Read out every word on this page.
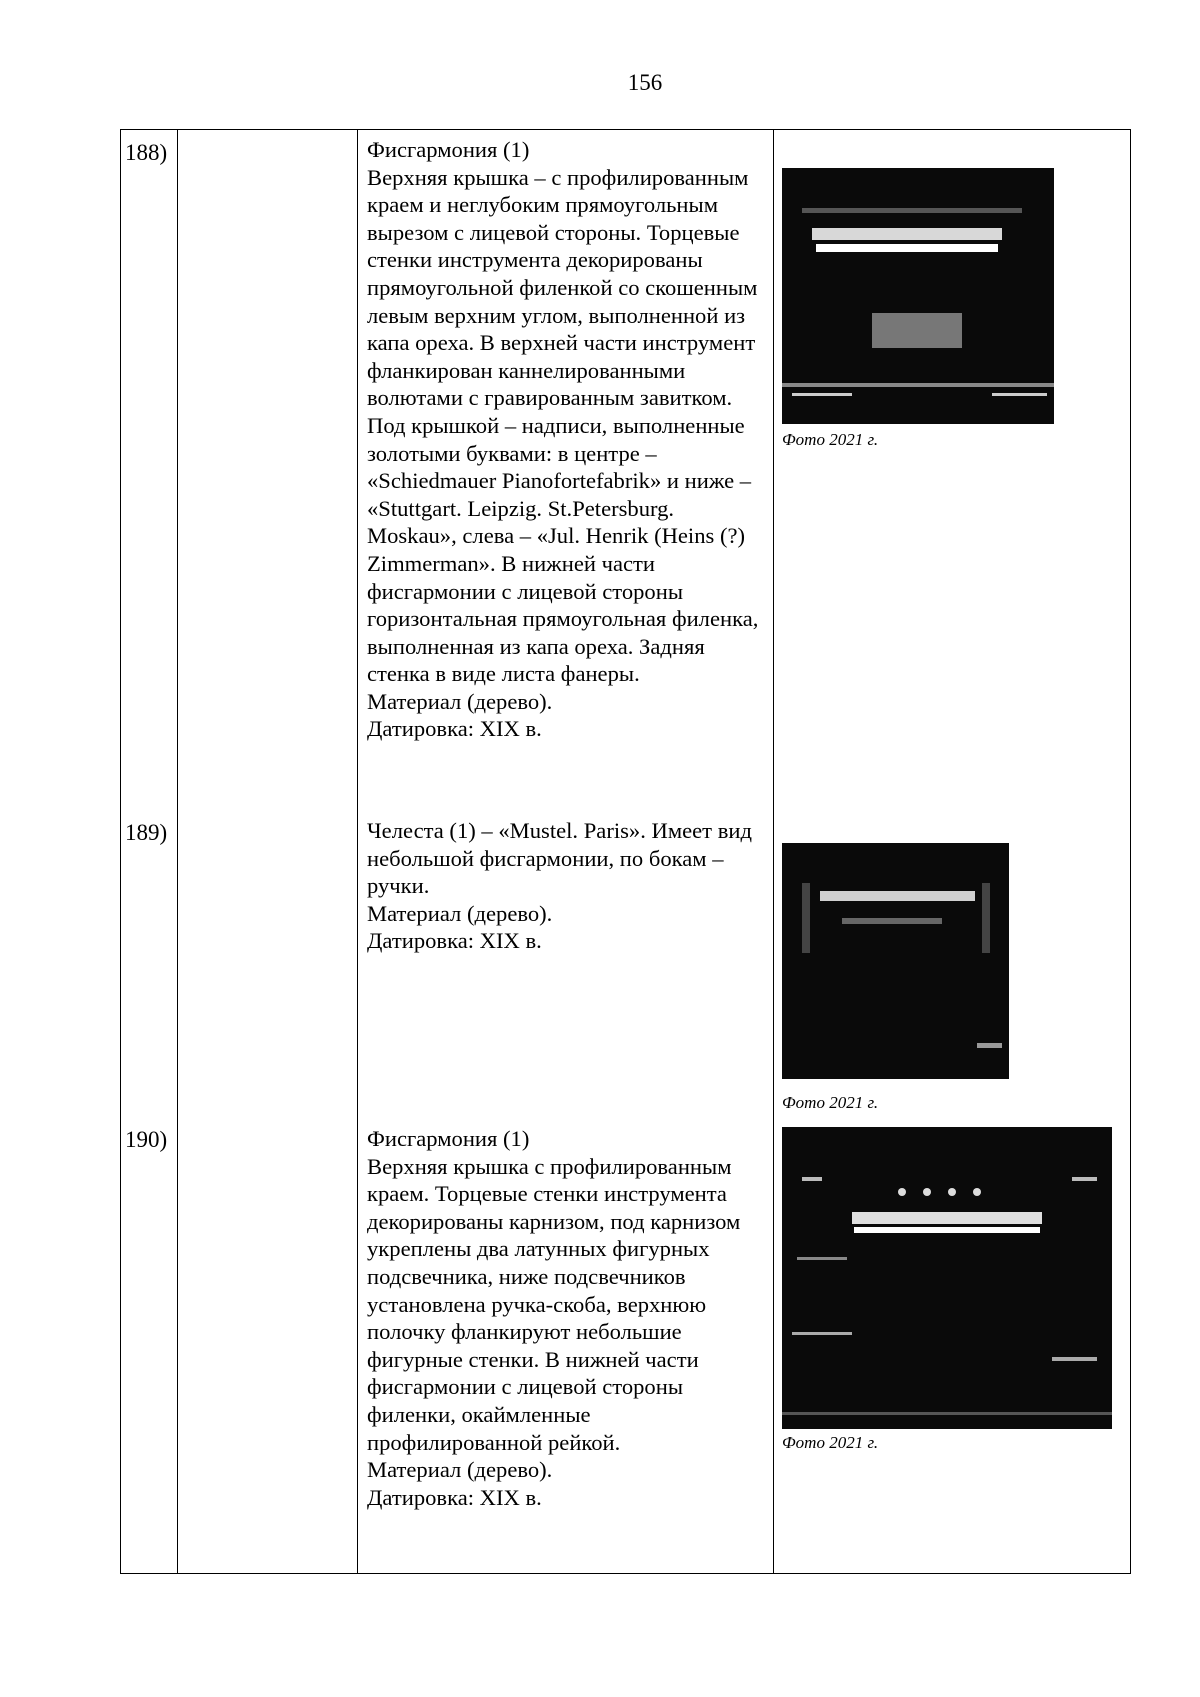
156
188)	Фисгармония (1)
Верхняя крышка – с профилированным краем и неглубоким прямоугольным вырезом с лицевой стороны. Торцевые стенки инструмента декорированы прямоугольной филенкой со скошенным левым верхним углом, выполненной из капа ореха. В верхней части инструмент фланкирован каннелированными волютами с гравированным завитком. Под крышкой – надписи, выполненные золотыми буквами: в центре – «Schiedmauer Pianofortefabrik» и ниже – «Stuttgart. Leipzig. St.Petersburg. Moskau», слева – «Jul. Henrik (Heins (?) Zimmerman». В нижней части фисгармонии с лицевой стороны горизонтальная прямоугольная филенка, выполненная из капа ореха. Задняя стенка в виде листа фанеры.
Материал (дерево).
Датировка: XIX в.

Фото 2021 г.
189)	Челеста (1) – «Mustel. Paris». Имеет вид небольшой фисгармонии, по бокам – ручки.
Материал (дерево).
Датировка: XIX в.

Фото 2021 г.
190)	Фисгармония (1)
Верхняя крышка с профилированным краем. Торцевые стенки инструмента декорированы карнизом, под карнизом укреплены два латунных фигурных подсвечника, ниже подсвечников установлена ручка-скоба, верхнюю полочку фланкируют небольшие фигурные стенки. В нижней части фисгармонии с лицевой стороны филенки, окаймленные профилированной рейкой.
Материал (дерево).
Датировка: XIX в.

Фото 2021 г.
